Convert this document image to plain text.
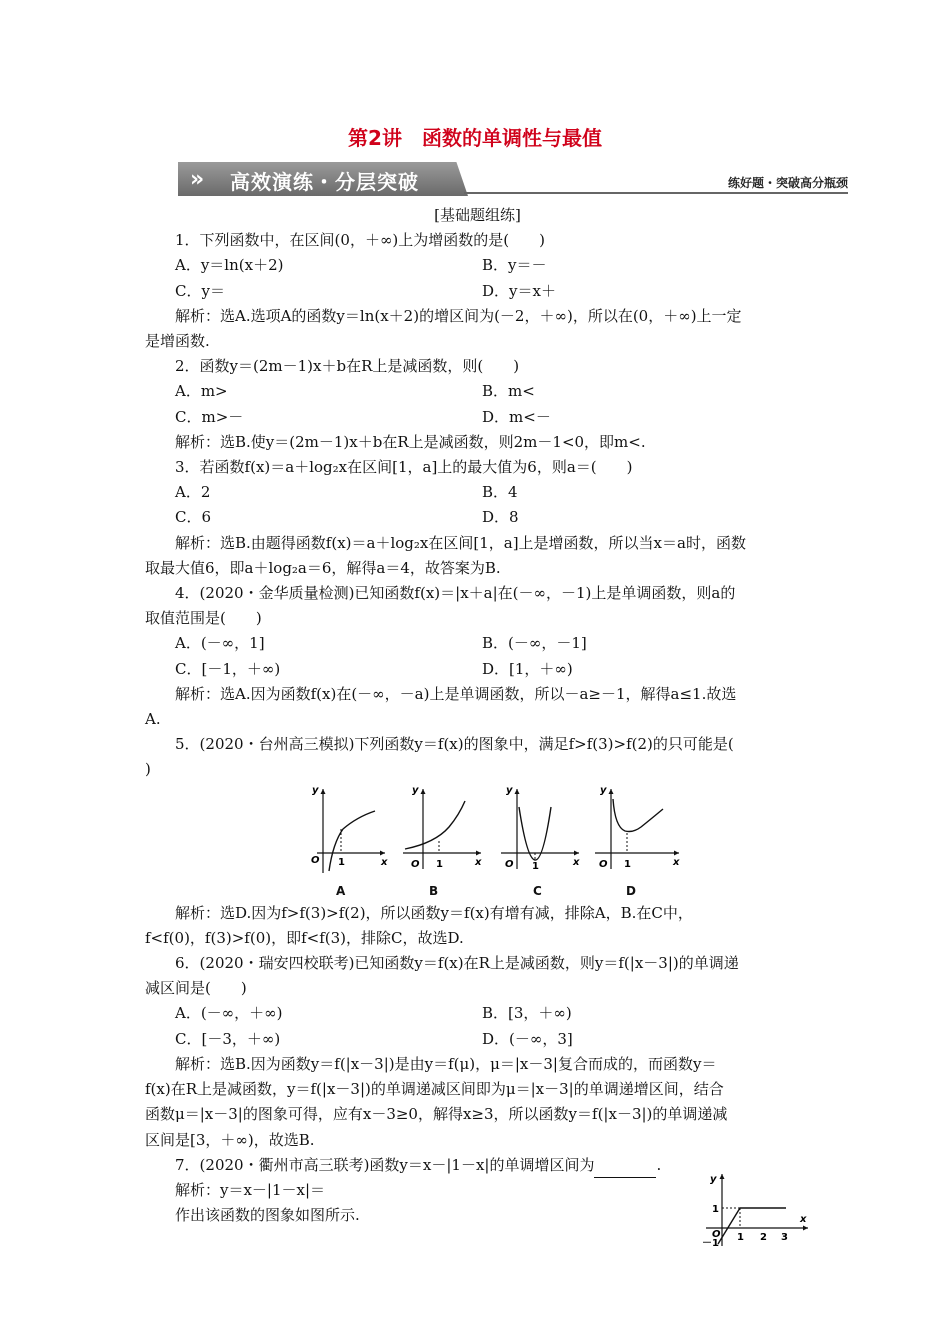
第2讲　函数的单调性与最值
» 高效演练・分层突破	练好题・突破高分瓶颈
[基础题组练]
1．下列函数中，在区间(0，＋∞)上为增函数的是(　　)
A．y＝ln(x＋2)	B．y＝－
C．y＝	D．y＝x＋
解析：选A.选项A的函数y＝ln(x＋2)的增区间为(－2，＋∞)，所以在(0，＋∞)上一定
是增函数.
2．函数y＝(2m－1)x＋b在R上是减函数，则(　　)
A．m>	B．m<
C．m>－	D．m<－
解析：选B.使y＝(2m－1)x＋b在R上是减函数，则2m－1<0，即m<.
3．若函数f(x)＝a＋log₂x在区间[1，a]上的最大值为6，则a＝(　　)
A．2	B．4
C．6	D．8
解析：选B.由题得函数f(x)＝a＋log₂x在区间[1，a]上是增函数，所以当x＝a时，函数
取最大值6，即a＋log₂a＝6，解得a＝4，故答案为B.
4．(2020・金华质量检测)已知函数f(x)＝|x＋a|在(－∞，－1)上是单调函数，则a的
取值范围是(　　)
A．(－∞，1]	B．(－∞，－1]
C．[－1，＋∞)	D．[1，＋∞)
解析：选A.因为函数f(x)在(－∞，－a)上是单调函数，所以－a≥－1，解得a≤1.故选
A.
5．(2020・台州高三模拟)下列函数y＝f(x)的图象中，满足f>f(3)>f(2)的只可能是(
)
y
x
O 1
y
x
O 1
y
x
O 1
y
x
O 1
A	B	C	D
解析：选D.因为f>f(3)>f(2)，所以函数y＝f(x)有增有减，排除A，B.在C中，
f<f(0)，f(3)>f(0)，即f<f(3)，排除C，故选D.
6．(2020・瑞安四校联考)已知函数y＝f(x)在R上是减函数，则y＝f(|x－3|)的单调递
减区间是(　　)
A．(－∞，＋∞)	B．[3，＋∞)
C．[－3，＋∞)	D．(－∞，3]
解析：选B.因为函数y＝f(|x－3|)是由y＝f(μ)，μ＝|x－3|复合而成的，而函数y＝
f(x)在R上是减函数，y＝f(|x－3|)的单调递减区间即为μ＝|x－3|的单调递增区间，结合
函数μ＝|x－3|的图象可得，应有x－3≥0，解得x≥3，所以函数y＝f(|x－3|)的单调递减
区间是[3，＋∞)，故选B.
7．(2020・衢州市高三联考)函数y＝x－|1－x|的单调增区间为	.
解析：y＝x－|1－x|＝
作出该函数的图象如图所示.
y
x
1
－1
O 1 2 3
